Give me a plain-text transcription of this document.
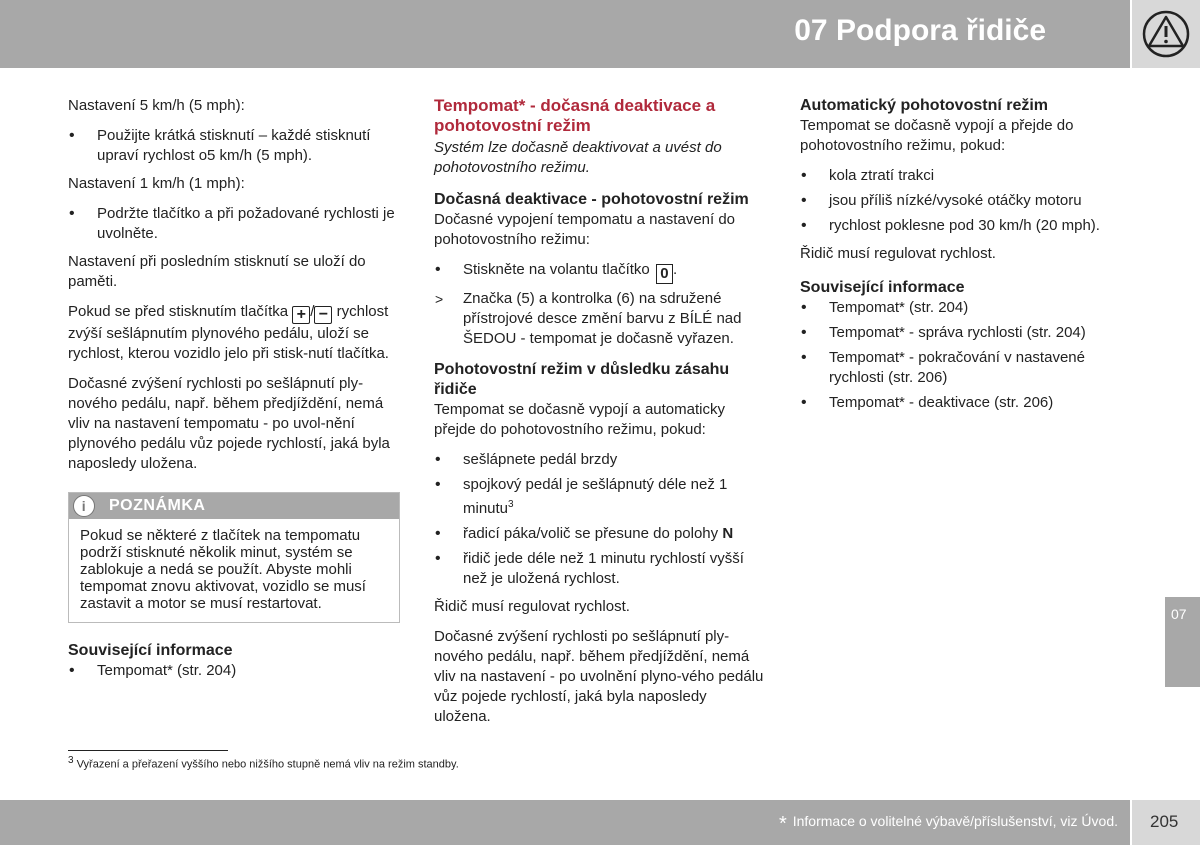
07 Podpora řidiče
07

Nastavení 5 km/h (5 mph):

• Použijte krátká stisknutí – každé stisknutí upraví rychlost o5 km/h (5 mph).

Nastavení 1 km/h (1 mph):

• Podržte tlačítko a při požadované rychlosti je uvolněte.

Nastavení při posledním stisknutí se uloží do paměti.

Pokud se před stisknutím tlačítka + / − rychlost zvýší sešlápnutím plynového pedálu, uloží se rychlost, kterou vozidlo jelo při stisk-nutí tlačítka.

Dočasné zvýšení rychlosti po sešlápnutí ply-nového pedálu, např. během předjíždění, nemá vliv na nastavení tempomatu - po uvol-nění plynového pedálu vůz pojede rychlostí, jaká byla naposledy uložena.

i	POZNÁMKA
Pokud se některé z tlačítek na tempomatu podrží stisknuté několik minut, systém se zablokuje a nedá se použít. Abyste mohli tempomat znovu aktivovat, vozidlo se musí zastavit a motor se musí restartovat.
Související informace
• Tempomat* (str. 204)
Tempomat* - dočasná deaktivace a pohotovostní režim

Systém lze dočasně deaktivovat a uvést do pohotovostního režimu.

Dočasná deaktivace - pohotovostní režim

Dočasné vypojení tempomatu a nastavení do pohotovostního režimu:

• Stiskněte na volantu tlačítko 0 .
> Značka (5) a kontrolka (6) na sdružené přístrojové desce změní barvu z BÍLÉ nad ŠEDOU - tempomat je dočasně vyřazen.
Pohotovostní režim v důsledku zásahu řidiče

Tempomat se dočasně vypojí a automaticky přejde do pohotovostního režimu, pokud:

• sešlápnete pedál brzdy
• spojkový pedál je sešlápnutý déle než 1 minutu$^3$
• řadicí páka/volič se přesune do polohy N
• řidič jede déle než 1 minutu rychlostí vyšší než je uložená rychlost.

Řidič musí regulovat rychlost.

Dočasné zvýšení rychlosti po sešlápnutí ply-nového pedálu, např. během předjíždění, nemá vliv na nastavení - po uvolnění plyno-vého pedálu vůz pojede rychlostí, jaká byla naposledy uložena.

Automatický pohotovostní režim

Tempomat se dočasně vypojí a přejde do pohotovostního režimu, pokud:

• kola ztratí trakci
• jsou příliš nízké/vysoké otáčky motoru
• rychlost poklesne pod 30 km/h (20 mph).

Řidič musí regulovat rychlost.

Související informace
• Tempomat* (str. 204)
• Tempomat* - správa rychlosti (str. 204)
• Tempomat* - pokračování v nastavené rychlosti (str. 206)
• Tempomat* - deaktivace (str. 206)
$^3$ Vyřazení a přeřazení vyššího nebo nižšího stupně nemá vliv na režim standby.
* Informace o volitelné výbavě/příslušenství, viz Úvod. 205
